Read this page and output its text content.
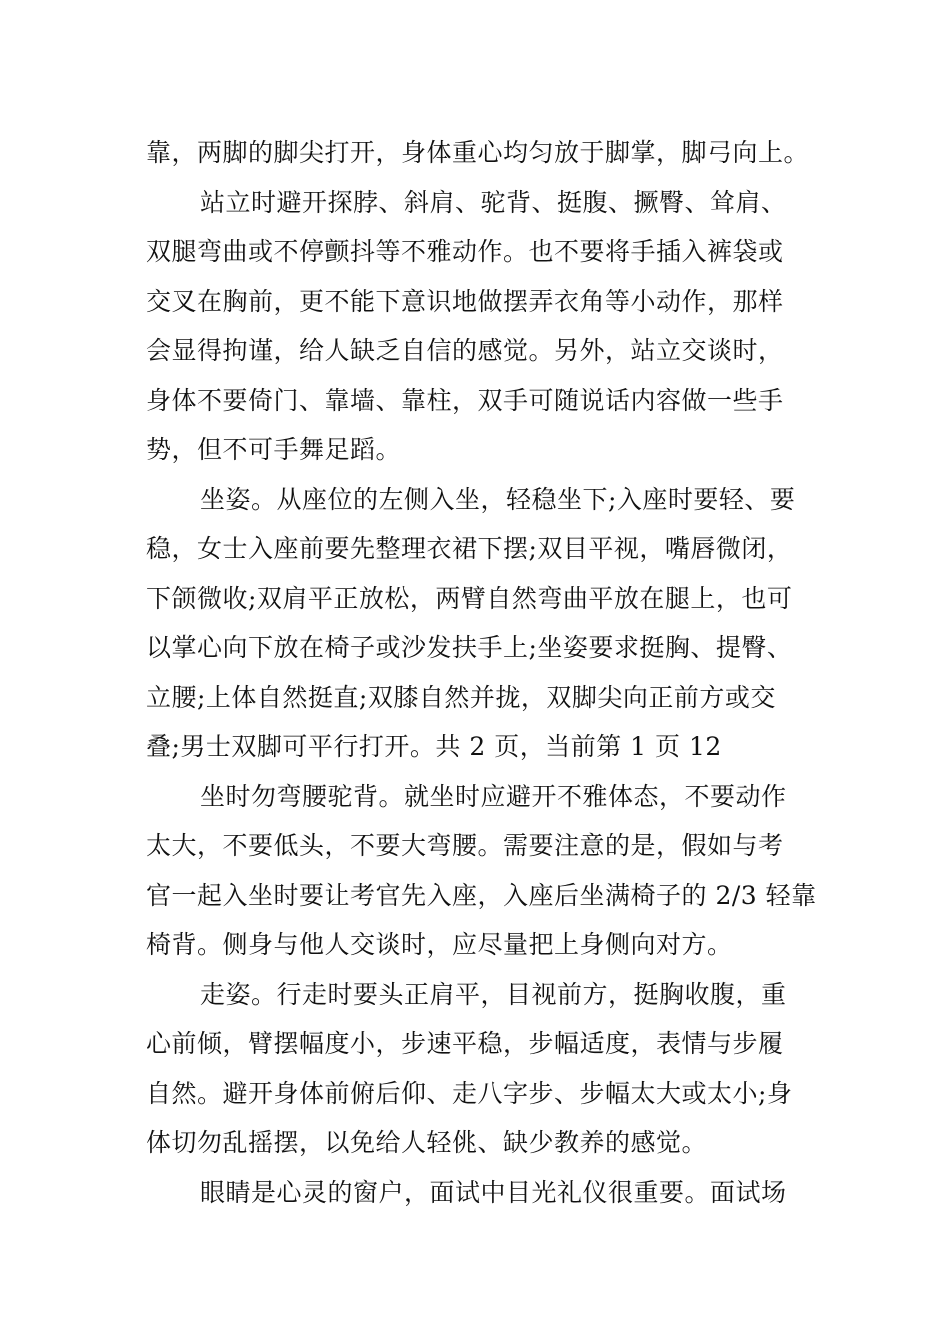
靠，两脚的脚尖打开，身体重心均匀放于脚掌，脚弓向上。
站立时避开探脖、斜肩、驼背、挺腹、撅臀、耸肩、
双腿弯曲或不停颤抖等不雅动作。也不要将手插入裤袋或
交叉在胸前，更不能下意识地做摆弄衣角等小动作，那样
会显得拘谨，给人缺乏自信的感觉。另外，站立交谈时，
身体不要倚门、靠墙、靠柱，双手可随说话内容做一些手
势，但不可手舞足蹈。
坐姿。从座位的左侧入坐，轻稳坐下;入座时要轻、要
稳，女士入座前要先整理衣裙下摆;双目平视，嘴唇微闭，
下颌微收;双肩平正放松，两臂自然弯曲平放在腿上，也可
以掌心向下放在椅子或沙发扶手上;坐姿要求挺胸、提臀、
立腰;上体自然挺直;双膝自然并拢，双脚尖向正前方或交
叠;男士双脚可平行打开。共 2 页，当前第 1 页 12
坐时勿弯腰驼背。就坐时应避开不雅体态，不要动作
太大，不要低头，不要大弯腰。需要注意的是，假如与考
官一起入坐时要让考官先入座，入座后坐满椅子的 2/3 轻靠
椅背。侧身与他人交谈时，应尽量把上身侧向对方。
走姿。行走时要头正肩平，目视前方，挺胸收腹，重
心前倾，臂摆幅度小，步速平稳，步幅适度，表情与步履
自然。避开身体前俯后仰、走八字步、步幅太大或太小;身
体切勿乱摇摆，以免给人轻佻、缺少教养的感觉。
眼睛是心灵的窗户，面试中目光礼仪很重要。面试场
